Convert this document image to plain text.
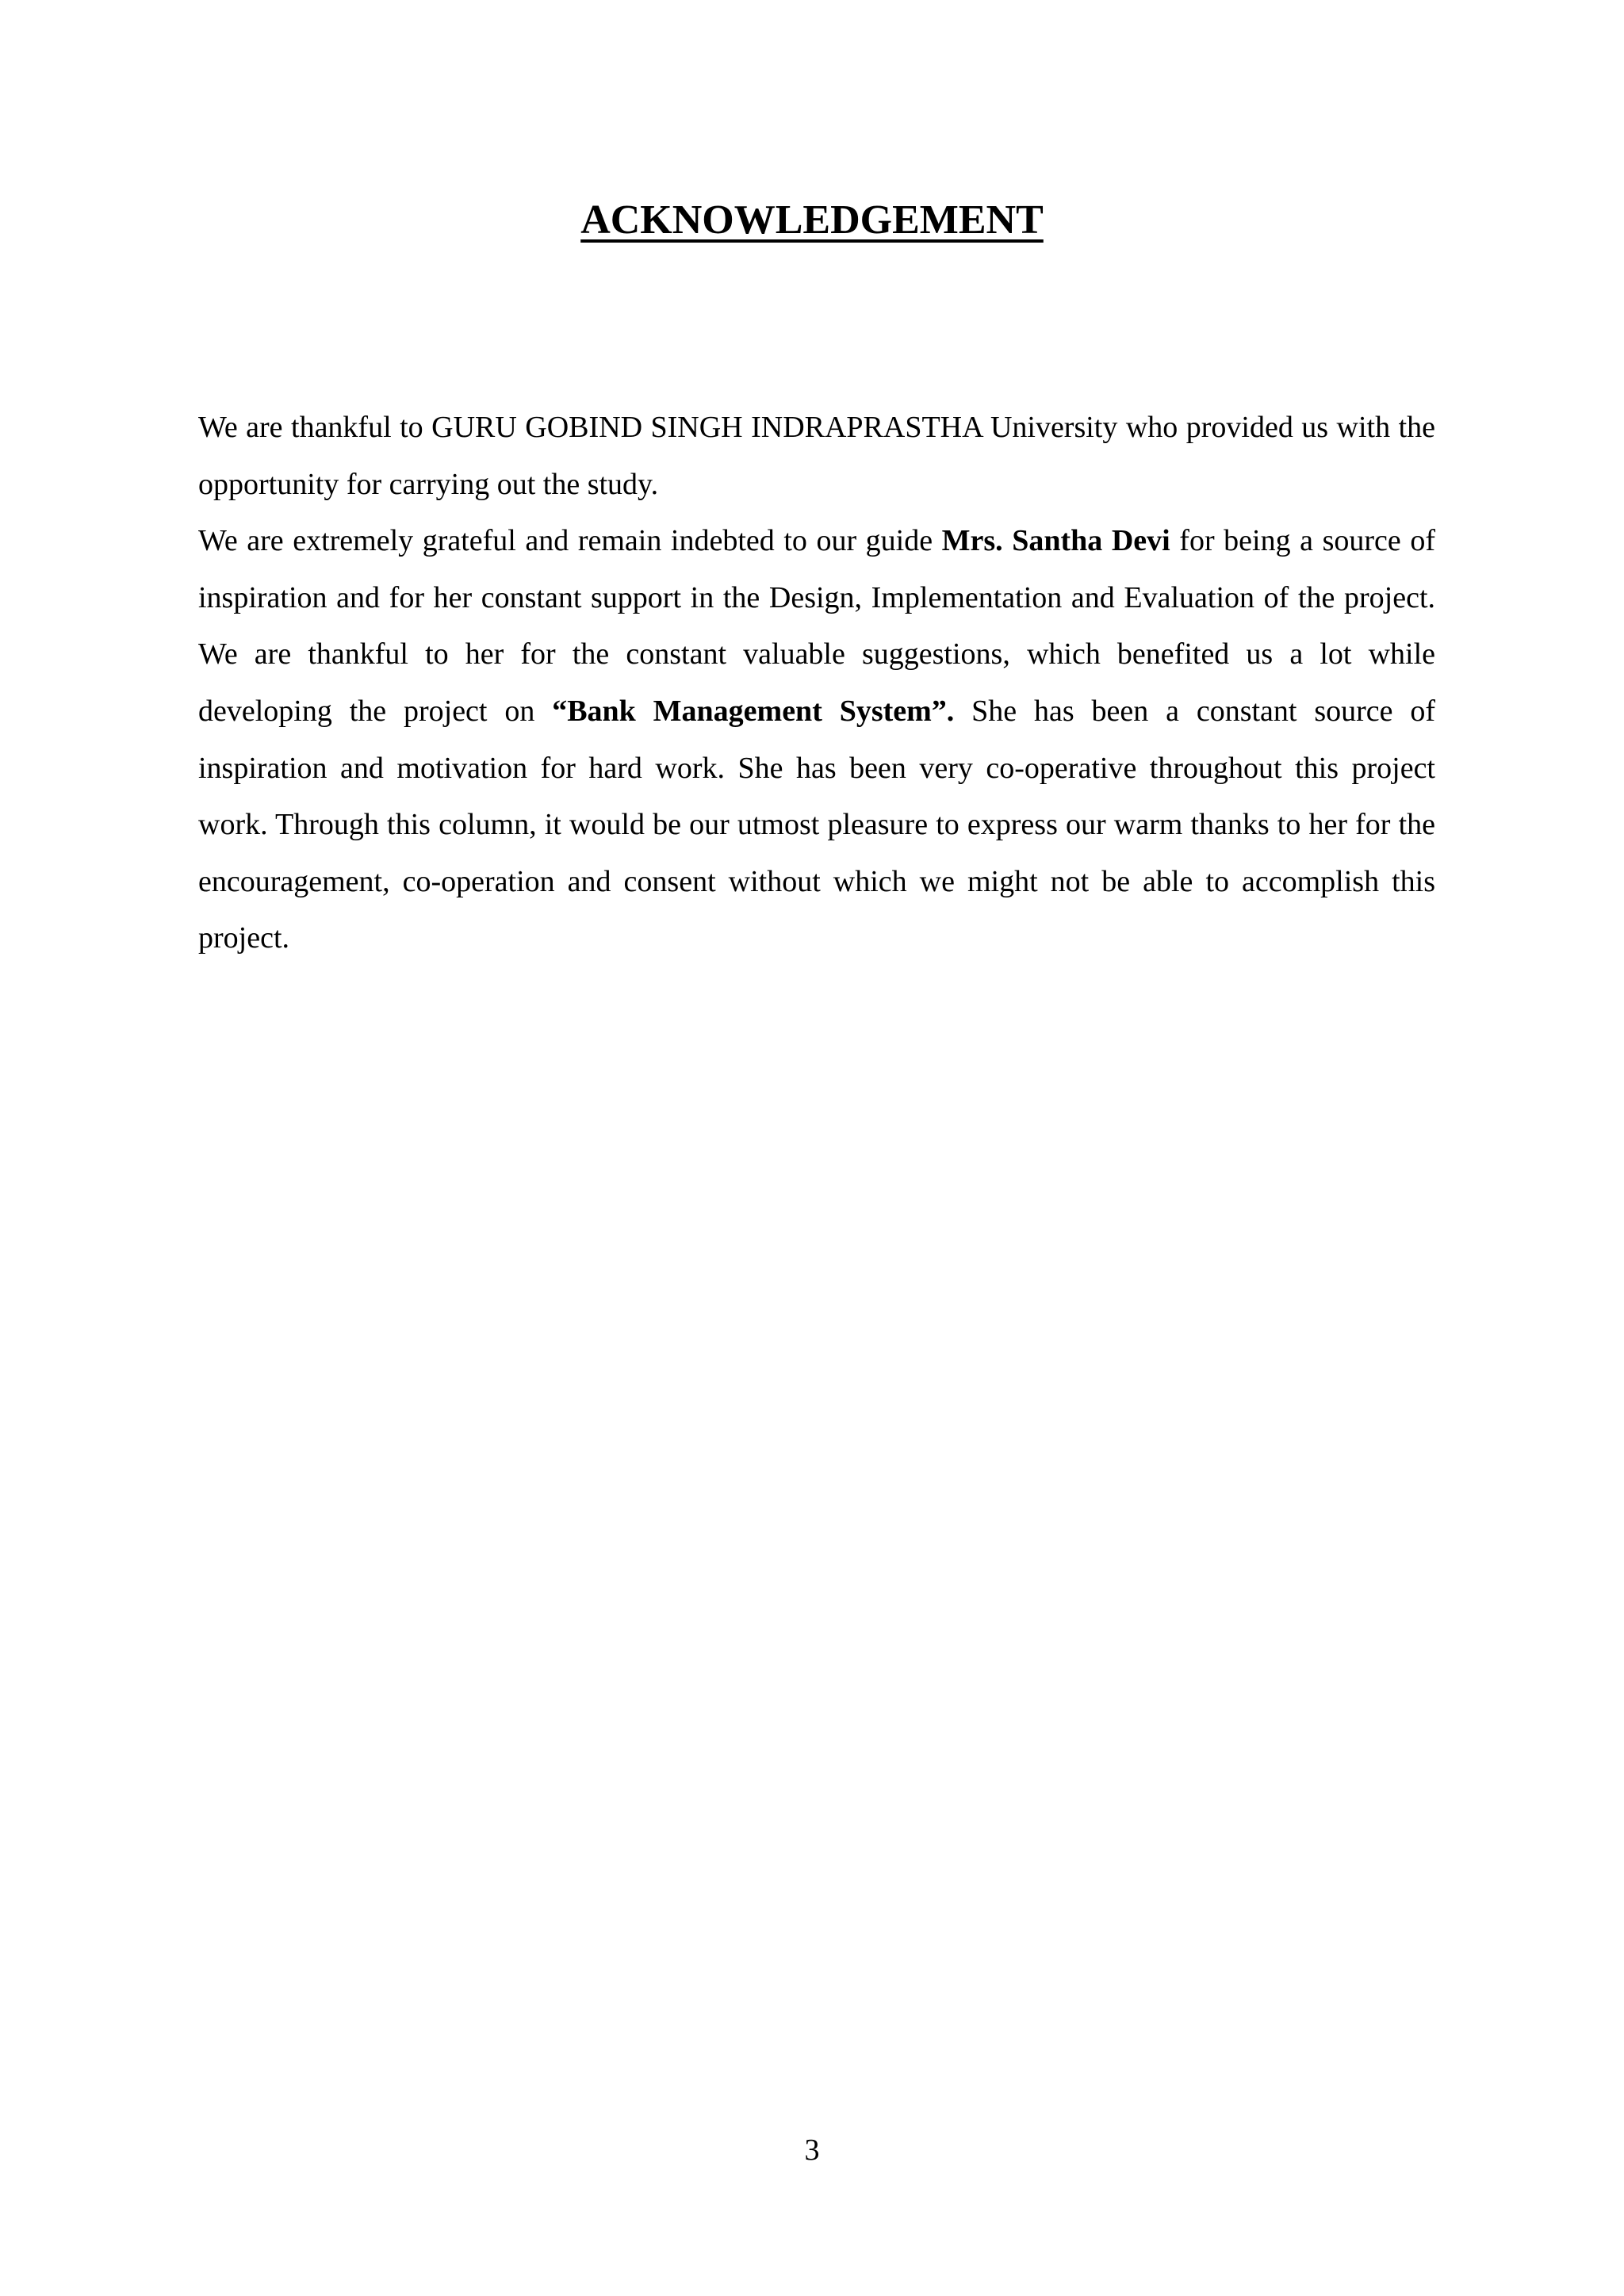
ACKNOWLEDGEMENT

We are thankful to GURU GOBIND SINGH INDRAPRASTHA University who provided us with the opportunity for carrying out the study.

We are extremely grateful and remain indebted to our guide Mrs. Santha Devi for being a source of inspiration and for her constant support in the Design, Implementation and Evaluation of the project. We are thankful to her for the constant valuable suggestions, which benefited us a lot while developing the project on “Bank Management System”. She has been a constant source of inspiration and motivation for hard work. She has been very co-operative throughout this project work. Through this column, it would be our utmost pleasure to express our warm thanks to her for the encouragement, co-operation and consent without which we might not be able to accomplish this project.

3
